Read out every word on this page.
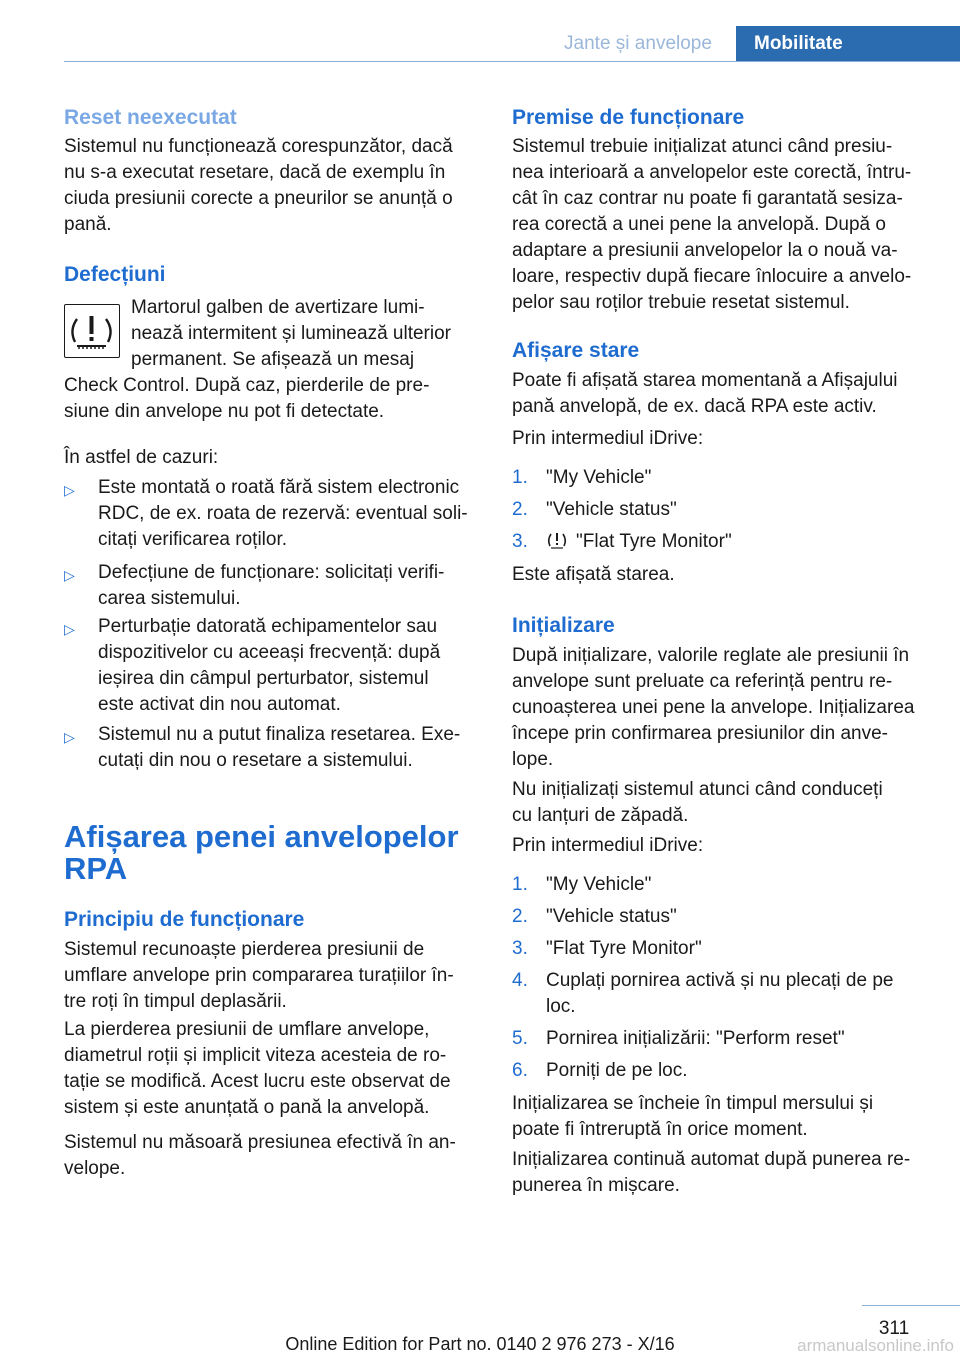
Jante și anvelope	Mobilitate
Reset neexecutat
Sistemul nu funcționează corespunzător, dacă
nu s-a executat resetare, dacă de exemplu în
ciuda presiunii corecte a pneurilor se anunță o
pană.
Defecțiuni
Martorul galben de avertizare lumi-
nează intermitent și luminează ulterior
permanent. Se afișează un mesaj
Check Control. După caz, pierderile de pre-
siune din anvelope nu pot fi detectate.
În astfel de cazuri:
▷ Este montată o roată fără sistem electronic
RDC, de ex. roata de rezervă: eventual soli-
citați verificarea roților.
▷ Defecțiune de funcționare: solicitați verifi-
carea sistemului.
▷ Perturbație datorată echipamentelor sau
dispozitivelor cu aceeași frecvență: după
ieșirea din câmpul perturbator, sistemul
este activat din nou automat.
▷ Sistemul nu a putut finaliza resetarea. Exe-
cutați din nou o resetare a sistemului.
Afișarea penei anvelopelor
RPA
Principiu de funcționare
Sistemul recunoaște pierderea presiunii de
umflare anvelope prin compararea turațiilor în-
tre roți în timpul deplasării.
La pierderea presiunii de umflare anvelope,
diametrul roții și implicit viteza acesteia de ro-
tație se modifică. Acest lucru este observat de
sistem și este anunțată o pană la anvelopă.
Sistemul nu măsoară presiunea efectivă în an-
velope.
Premise de funcționare
Sistemul trebuie inițializat atunci când presiu-
nea interioară a anvelopelor este corectă, întru-
cât în caz contrar nu poate fi garantată sesiza-
rea corectă a unei pene la anvelopă. După o
adaptare a presiunii anvelopelor la o nouă va-
loare, respectiv după fiecare înlocuire a anvelo-
pelor sau roților trebuie resetat sistemul.
Afișare stare
Poate fi afișată starea momentană a Afișajului
pană anvelopă, de ex. dacă RPA este activ.
Prin intermediul iDrive:
1. "My Vehicle"
2. "Vehicle status"
3.	"Flat Tyre Monitor"
Este afișată starea.
Inițializare
După inițializare, valorile reglate ale presiunii în
anvelope sunt preluate ca referință pentru re-
cunoașterea unei pene la anvelope. Inițializarea
începe prin confirmarea presiunilor din anve-
lope.
Nu inițializați sistemul atunci când conduceți
cu lanțuri de zăpadă.
Prin intermediul iDrive:
1. "My Vehicle"
2. "Vehicle status"
3. "Flat Tyre Monitor"
4. Cuplați pornirea activă și nu plecați de pe
loc.
5. Pornirea inițializării: "Perform reset"
6. Porniți de pe loc.
Inițializarea se încheie în timpul mersului și
poate fi întreruptă în orice moment.
Inițializarea continuă automat după punerea re-
punerea în mișcare.
311
Online Edition for Part no. 0140 2 976 273 - X/16	armanualsonline.info
